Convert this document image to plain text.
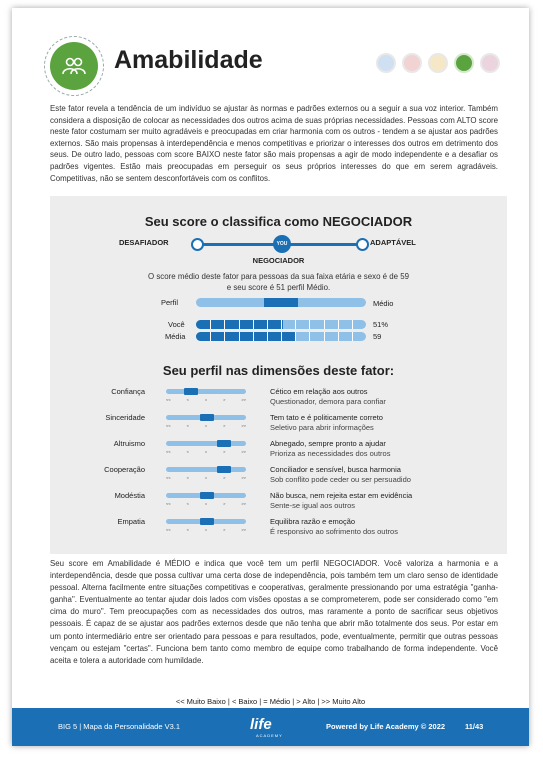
Amabilidade

Este fator revela a tendência de um indivíduo se ajustar às normas e padrões externos ou a seguir a sua voz interior. Também considera a disposição de colocar as necessidades dos outros acima de suas próprias necessidades. Pessoas com ALTO score neste fator costumam ser muito agradáveis e preocupadas em criar harmonia com os outros - tendem a se ajustar aos padrões externos. São mais propensas à interdependência e menos competitivas e priorizar o interesses dos outros em detrimento dos seus. De outro lado, pessoas com score BAIXO neste fator são mais propensas a agir de modo independente e a desafiar os padrões vigentes. Estão mais preocupadas em perseguir os seus próprios interesses do que em serem agradáveis. Competitivas, não se sentem desconfortáveis com os conflitos.

Seu score o classifica como NEGOCIADOR
DESAFIADOR	ADAPTÁVEL
YOU
NEGOCIADOR
O score médio deste fator para pessoas da sua faixa etária e sexo é de 59
e seu score é 51 perfil Médio.
Perfil	Médio
Você	51%
Média	59
Seu perfil nas dimensões deste fator:
Confiança
<<	<	=	>	>>
Cético em relação aos outros
Questionador, demora para confiar
Sinceridade
<<	<	=	>	>>
Tem tato e é politicamente correto
Seletivo para abrir informações
Altruismo
<<	<	=	>	>>
Abnegado, sempre pronto a ajudar
Prioriza as necessidades dos outros
Cooperação
<<	<	=	>	>>
Conciliador e sensível, busca harmonia
Sob conflito pode ceder ou ser persuadido
Modéstia
<<	<	=	>	>>
Não busca, nem rejeita estar em evidência
Sente-se igual aos outros
Empatia
<<	<	=	>	>>
Equilibra razão e emoção
É responsivo ao sofrimento dos outros

Seu score em Amabilidade é MÉDIO e indica que você tem um perfil NEGOCIADOR. Você valoriza a harmonia e a interdependência, desde que possa cultivar uma certa dose de independência, pois também tem um claro senso de identidade pessoal. Alterna facilmente entre situações competitivas e cooperativas, geralmente pressionando por uma estratégia "ganha-ganha". Eventualmente ao tentar ajudar dois lados com visões opostas a se comprometerem, pode ser considerado como "em cima do muro". Tem preocupações com as necessidades dos outros, mas raramente a ponto de sacrificar seus objetivos pessoais. É capaz de se ajustar aos padrões externos desde que não tenha que abrir mão totalmente dos seus. Por estar em um ponto intermediário entre ser orientado para pessoas e para resultados, pode, eventualmente, permitir que outras pessoas vençam ou estejam "certas". Funciona bem tanto como membro de equipe como trabalhando de forma independente. Você aceita e tolera a autoridade com humildade.

<< Muito Baixo | < Baixo | = Médio | > Alto | >> Muito Alto
BIG 5 | Mapa da Personalidade V3.1	life
ACADEMY
Powered by Life Academy © 2022	11/43
